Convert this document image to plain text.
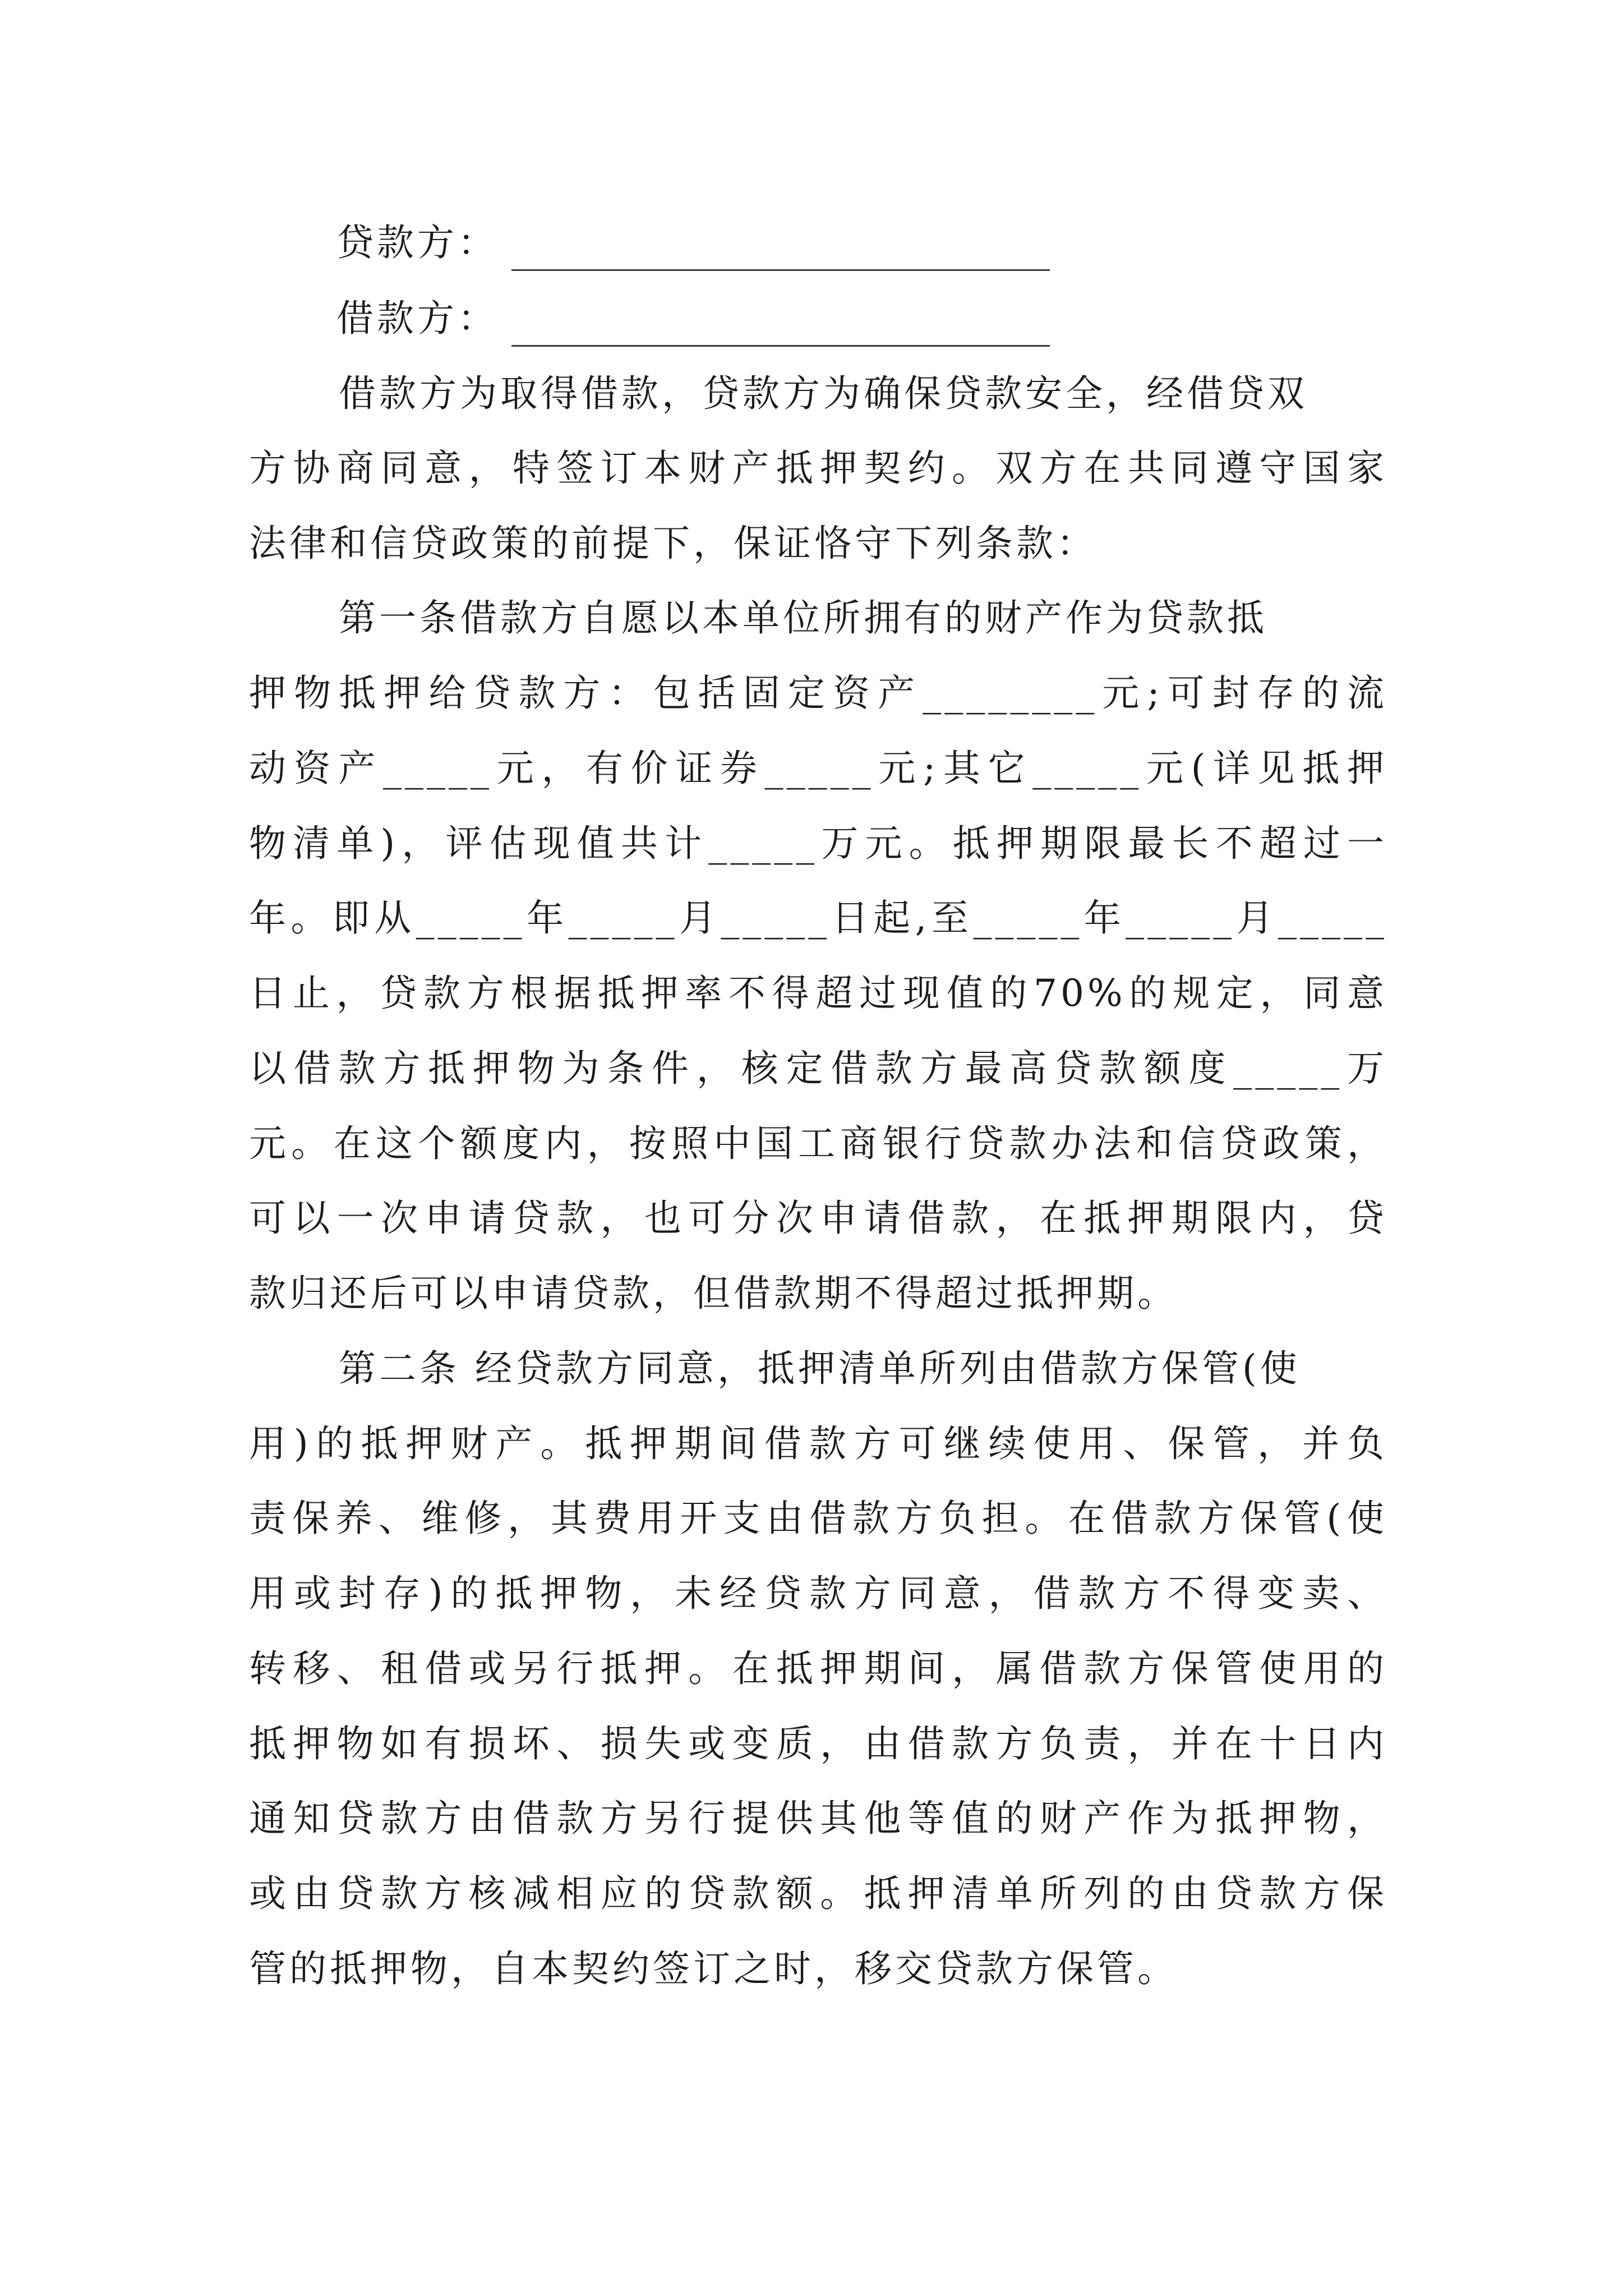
贷款方：
借款方：
借款方为取得借款，贷款方为确保贷款安全，经借贷双
方协商同意，特签订本财产抵押契约。双方在共同遵守国家
法律和信贷政策的前提下，保证恪守下列条款：
第一条借款方自愿以本单位所拥有的财产作为贷款抵
押物抵押给贷款方：包括固定资产________元;可封存的流
动资产_____元，有价证券_____元;其它_____元(详见抵押
物清单)，评估现值共计_____万元。抵押期限最长不超过一
年。即从_____年_____月_____日起,至_____年_____月_____
日止，贷款方根据抵押率不得超过现值的70%的规定，同意
以借款方抵押物为条件，核定借款方最高贷款额度_____万
元。在这个额度内，按照中国工商银行贷款办法和信贷政策，
可以一次申请贷款，也可分次申请借款，在抵押期限内，贷
款归还后可以申请贷款，但借款期不得超过抵押期。
第二条 经贷款方同意，抵押清单所列由借款方保管(使
用)的抵押财产。抵押期间借款方可继续使用、保管，并负
责保养、维修，其费用开支由借款方负担。在借款方保管(使
用或封存)的抵押物，未经贷款方同意，借款方不得变卖、
转移、租借或另行抵押。在抵押期间，属借款方保管使用的
抵押物如有损坏、损失或变质，由借款方负责，并在十日内
通知贷款方由借款方另行提供其他等值的财产作为抵押物，
或由贷款方核减相应的贷款额。抵押清单所列的由贷款方保
管的抵押物，自本契约签订之时，移交贷款方保管。
